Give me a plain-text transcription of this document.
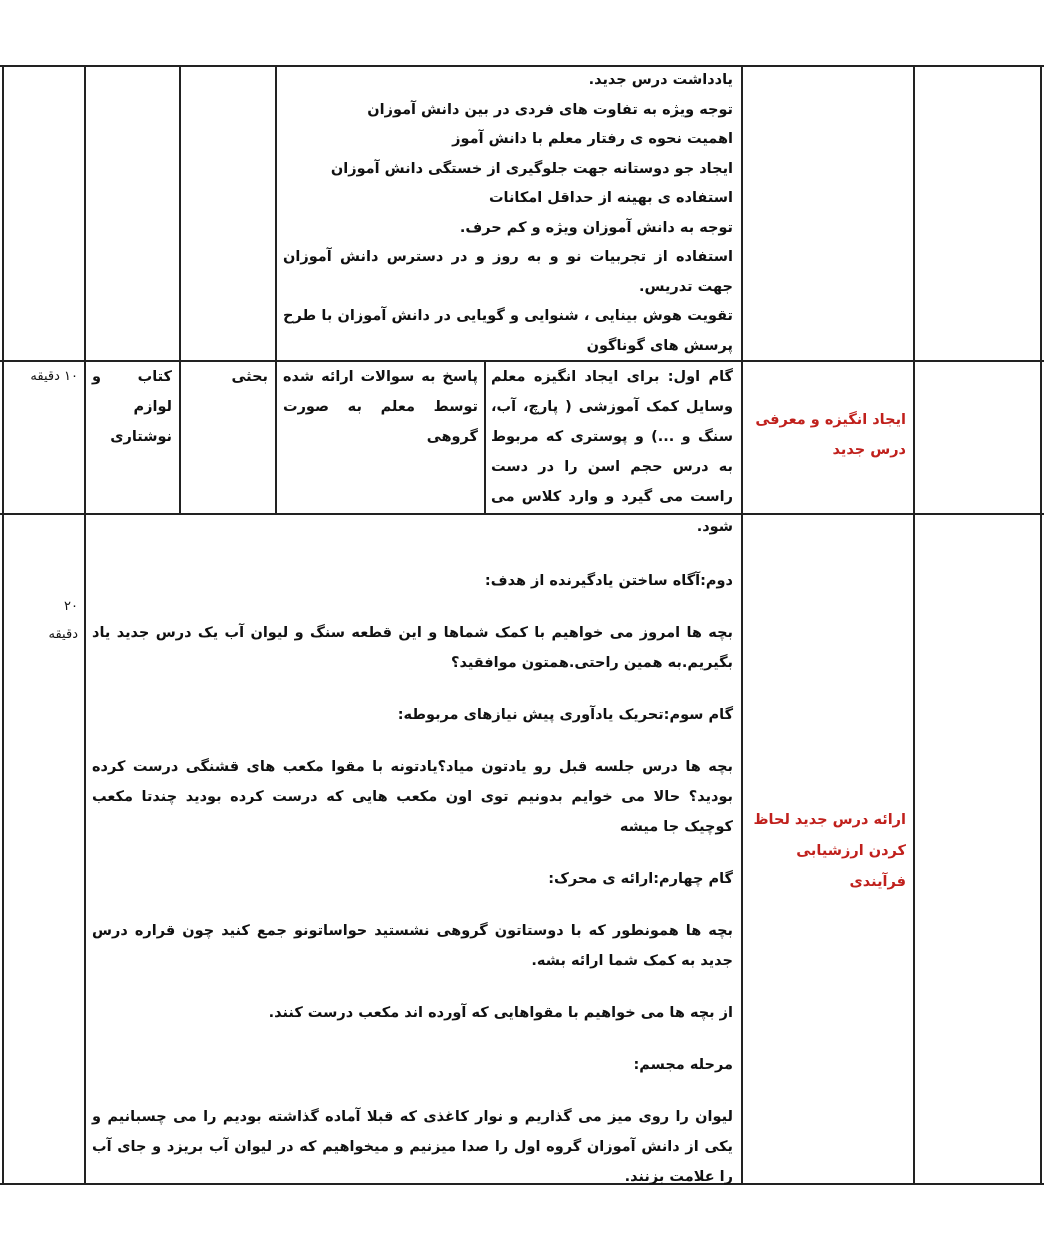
یادداشت درس جدید.

توجه ویژه به تفاوت های فردی در بین دانش آموزان

اهمیت نحوه ی رفتار معلم با دانش آموز

ایجاد جو دوستانه جهت جلوگیری از خستگی دانش آموزان

استفاده ی بهینه از حداقل امکانات

توجه به دانش آموزان ویژه و کم حرف.

استفاده از تجربیات نو و به روز و در دسترس دانش آموزان جهت تدریس.

تقویت هوش بینایی ، شنوایی و گویایی در دانش آموزان با طرح پرسش های گوناگون

ایجاد انگیزه و معرفی درس جدید
گام اول: برای ایجاد انگیزه معلم وسایل کمک آموزشی ( پارچ، آب، سنگ و ...) و پوستری که مربوط به درس حجم اسن را در دست راست می گیرد و وارد کلاس می شود.
پاسخ به سوالات ارائه شده توسط معلم به صورت گروهی
بحثی
کتاب و لوازم نوشتاری
۱۰ دقیقه
ارائه درس جدید لحاظ کردن ارزشیابی فرآیندی
۲۰ دقیقه

دوم:آگاه ساختن یادگیرنده از هدف:

بچه ها امروز می خواهیم با کمک شماها و این قطعه سنگ و لیوان آب یک درس جدید یاد بگیریم.به همین راحتی.همتون موافقید؟

گام سوم:تحریک یادآوری پیش نیازهای مربوطه:

بچه ها درس جلسه قبل رو یادتون میاد؟یادتونه با مقوا مکعب های قشنگی درست کرده بودید؟ حالا می خوایم بدونیم توی اون مکعب هایی که درست کرده بودید چندتا مکعب کوچیک جا میشه

گام چهارم:ارائه ی محرک:

بچه ها همونطور که با دوستاتون گروهی نشستید حواساتونو جمع کنید چون قراره درس جدید به کمک شما ارائه بشه.

از بچه ها می خواهیم با مقواهایی که آورده اند مکعب درست کنند.

مرحله مجسم:

لیوان را روی میز می گذاریم و نوار کاغذی که قبلا آماده گذاشته بودیم را می چسبانیم و یکی از دانش آموزان گروه اول را صدا میزنیم و میخواهیم که در لیوان آب بریزد و جای آب را علامت بزنند.
